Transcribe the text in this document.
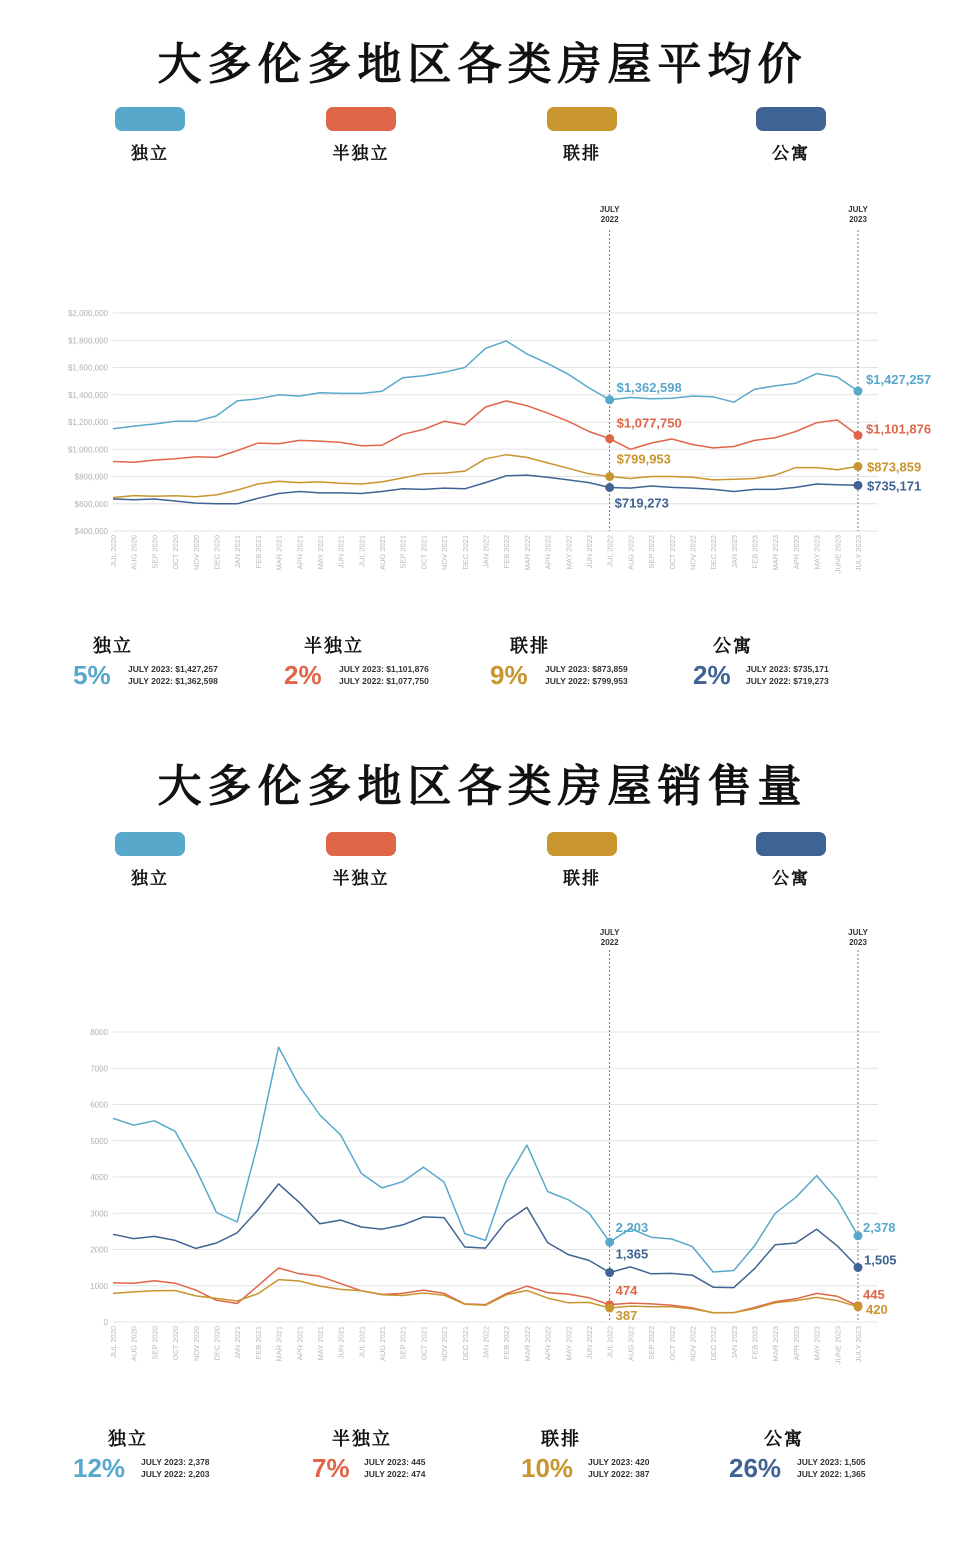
大多伦多地区各类房屋平均价
独立	半独立	联排	公寓
$400,000
$600,000
$800,000
$1,000,000
$1,200,000
$1,400,000
$1,600,000
$1,800,000
$2,000,000
JUL 2020 AUG 2020 SEP 2020 OCT 2020 NOV 2020 DEC 2020 JAN 2021 FEB 2021 MAR 2021 APR 2021 MAY 2021 JUN 2021 JUL 2021 AUG 2021 SEP 2021 OCT 2021 NOV 2021 DEC 2021 JAN 2022 FEB 2022 MAR 2022 APR 2022 MAY 2022 JUN 2022 JUL 2022 AUG 2022 SEP 2022 OCT 2022 NOV 2022 DEC 2022 JAN 2023 FEB 2023 MAR 2023 APR 2023 MAY 2023 JUNE 2023 JULY 2023
JULY
2022
JULY
2023
$1,362,598
$1,427,257
$1,077,750	$1,101,876
$799,953
$873,859
$719,273
$735,171
独立
5% JULY 2023: $1,427,257
JULY 2022: $1,362,598
半独立
2% JULY 2023: $1,101,876
JULY 2022: $1,077,750
联排
9% JULY 2023: $873,859
JULY 2022: $799,953
公寓
2% JULY 2023: $735,171
JULY 2022: $719,273
大多伦多地区各类房屋销售量
独立	半独立	联排	公寓
0
1000
2000
3000
4000
5000
6000
7000
8000
JUL 2020 AUG 2020 SEP 2020 OCT 2020 NOV 2020 DEC 2020 JAN 2021 FEB 2021 MAR 2021 APR 2021 MAY 2021 JUN 2021 JUL 2021 AUG 2021 SEP 2021 OCT 2021 NOV 2021 DEC 2021 JAN 2022 FEB 2022 MAR 2022 APR 2022 MAY 2022 JUN 2022 JUL 2022 AUG 2022 SEP 2022 OCT 2022 NOV 2022 DEC 2022 JAN 2023 FEB 2023 MAR 2023 APR 2023 MAY 2023 JUNE 2023 JULY 2023
JULY
2022
JULY
2023
2,203	2,378
474	445
387	420
1,365	1,505
独立
12% JULY 2023: 2,378
JULY 2022: 2,203
半独立
7% JULY 2023: 445
JULY 2022: 474
联排
10% JULY 2023: 420
JULY 2022: 387
公寓
26% JULY 2023: 1,505
JULY 2022: 1,365
